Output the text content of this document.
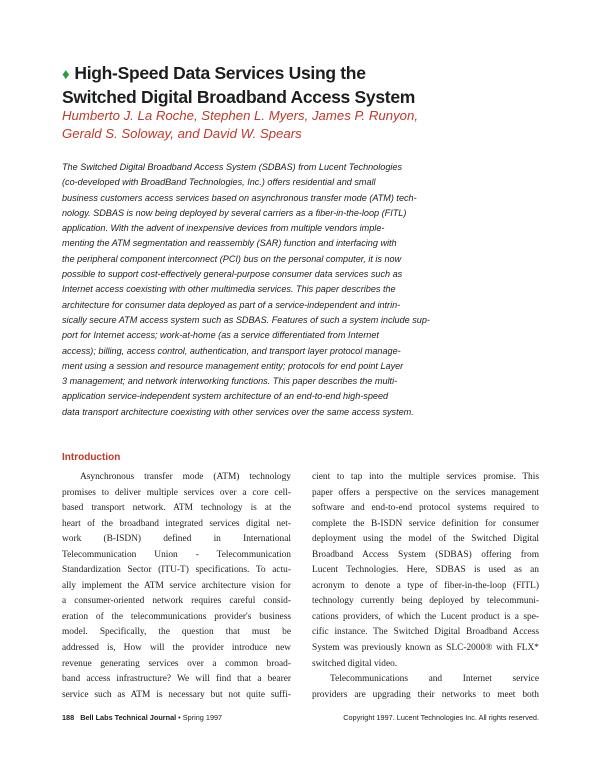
♦ High-Speed Data Services Using the
Switched Digital Broadband Access System
Humberto J. La Roche, Stephen L. Myers, James P. Runyon,
Gerald S. Soloway, and David W. Spears
The Switched Digital Broadband Access System (SDBAS) from Lucent Technologies
(co-developed with BroadBand Technologies, Inc.) offers residential and small
business customers access services based on asynchronous transfer mode (ATM) tech-
nology. SDBAS is now being deployed by several carriers as a fiber-in-the-loop (FITL)
application. With the advent of inexpensive devices from multiple vendors imple-
menting the ATM segmentation and reassembly (SAR) function and interfacing with
the peripheral component interconnect (PCI) bus on the personal computer, it is now
possible to support cost-effectively general-purpose consumer data services such as
Internet access coexisting with other multimedia services. This paper describes the
architecture for consumer data deployed as part of a service-independent and intrin-
sically secure ATM access system such as SDBAS. Features of such a system include sup-
port for Internet access; work-at-home (as a service differentiated from Internet
access); billing, access control, authentication, and transport layer protocol manage-
ment using a session and resource management entity; protocols for end point Layer
3 management; and network interworking functions. This paper describes the multi-
application service-independent system architecture of an end-to-end high-speed
data transport architecture coexisting with other services over the same access system.
Introduction
Asynchronous transfer mode (ATM) technology
promises to deliver multiple services over a core cell-
based transport network. ATM technology is at the
heart of the broadband integrated services digital net-
work (B-ISDN) defined in International
Telecommunication Union - Telecommunication
Standardization Sector (ITU-T) specifications. To actu-
ally implement the ATM service architecture vision for
a consumer-oriented network requires careful consid-
eration of the telecommunications provider's business
model. Specifically, the question that must be
addressed is, How will the provider introduce new
revenue generating services over a common broad-
band access infrastructure? We will find that a bearer
service such as ATM is necessary but not quite suffi-
cient to tap into the multiple services promise. This
paper offers a perspective on the services management
software and end-to-end protocol systems required to
complete the B-ISDN service definition for consumer
deployment using the model of the Switched Digital
Broadband Access System (SDBAS) offering from
Lucent Technologies. Here, SDBAS is used as an
acronym to denote a type of fiber-in-the-loop (FITL)
technology currently being deployed by telecommuni-
cations providers, of which the Lucent product is a spe-
cific instance. The Switched Digital Broadband Access
System was previously known as SLC-2000® with FLX*
switched digital video.
Telecommunications and Internet service
providers are upgrading their networks to meet both
188 Bell Labs Technical Journal • Spring 1997	Copyright 1997. Lucent Technologies Inc. All rights reserved.
